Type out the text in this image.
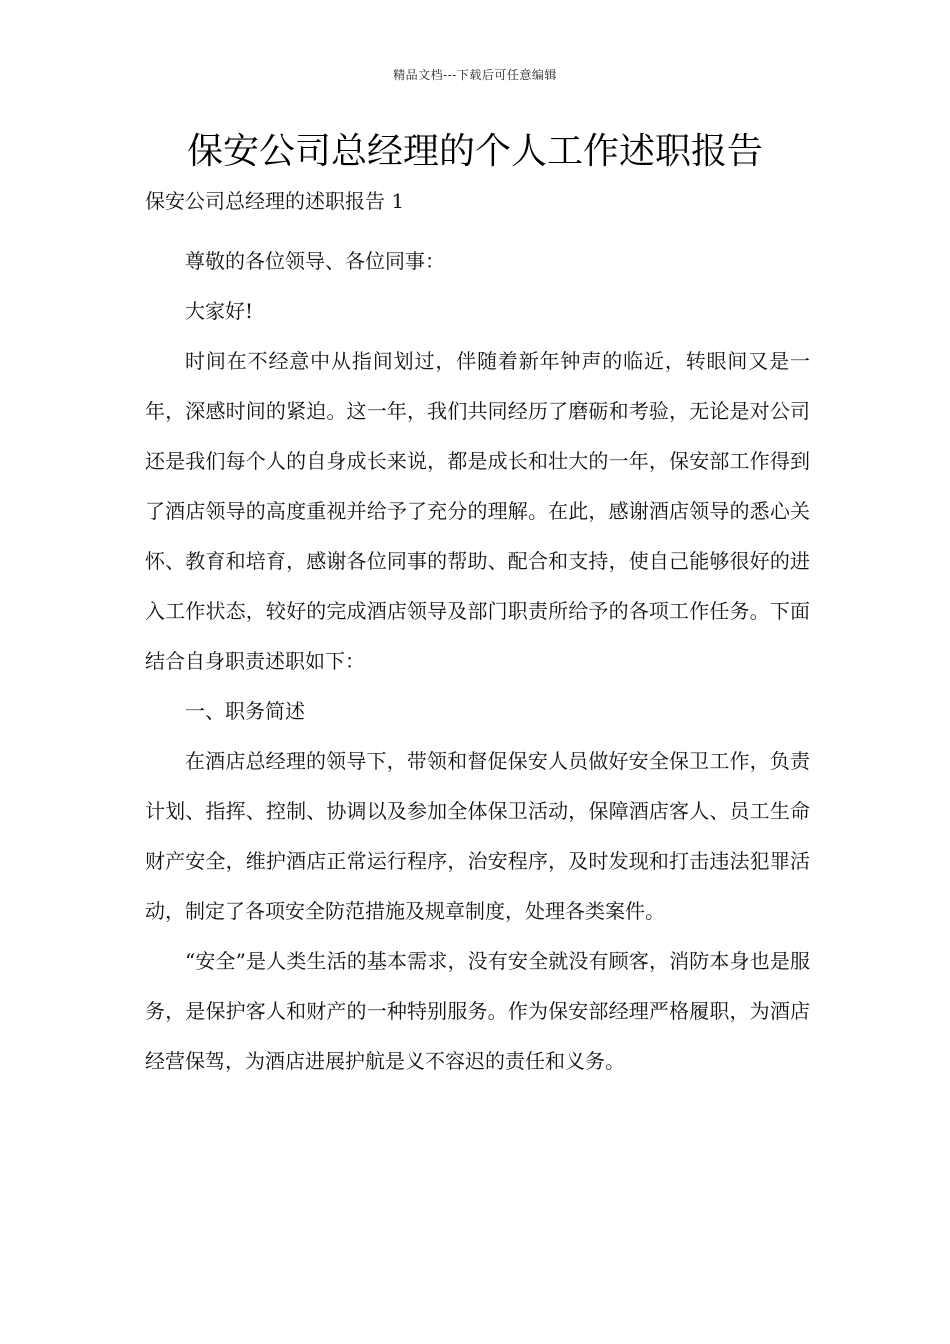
精品文档---下载后可任意编辑
保安公司总经理的个人工作述职报告
保安公司总经理的述职报告 1

尊敬的各位领导、各位同事：

大家好!

时间在不经意中从指间划过，伴随着新年钟声的临近，转眼间又是一年，深感时间的紧迫。这一年，我们共同经历了磨砺和考验，无论是对公司还是我们每个人的自身成长来说，都是成长和壮大的一年，保安部工作得到了酒店领导的高度重视并给予了充分的理解。在此，感谢酒店领导的悉心关怀、教育和培育，感谢各位同事的帮助、配合和支持，使自己能够很好的进入工作状态，较好的完成酒店领导及部门职责所给予的各项工作任务。下面结合自身职责述职如下：

一、职务简述

在酒店总经理的领导下，带领和督促保安人员做好安全保卫工作，负责计划、指挥、控制、协调以及参加全体保卫活动，保障酒店客人、员工生命财产安全，维护酒店正常运行程序，治安程序，及时发现和打击违法犯罪活动，制定了各项安全防范措施及规章制度，处理各类案件。

“安全”是人类生活的基本需求，没有安全就没有顾客，消防本身也是服务，是保护客人和财产的一种特别服务。作为保安部经理严格履职，为酒店经营保驾，为酒店进展护航是义不容迟的责任和义务。
